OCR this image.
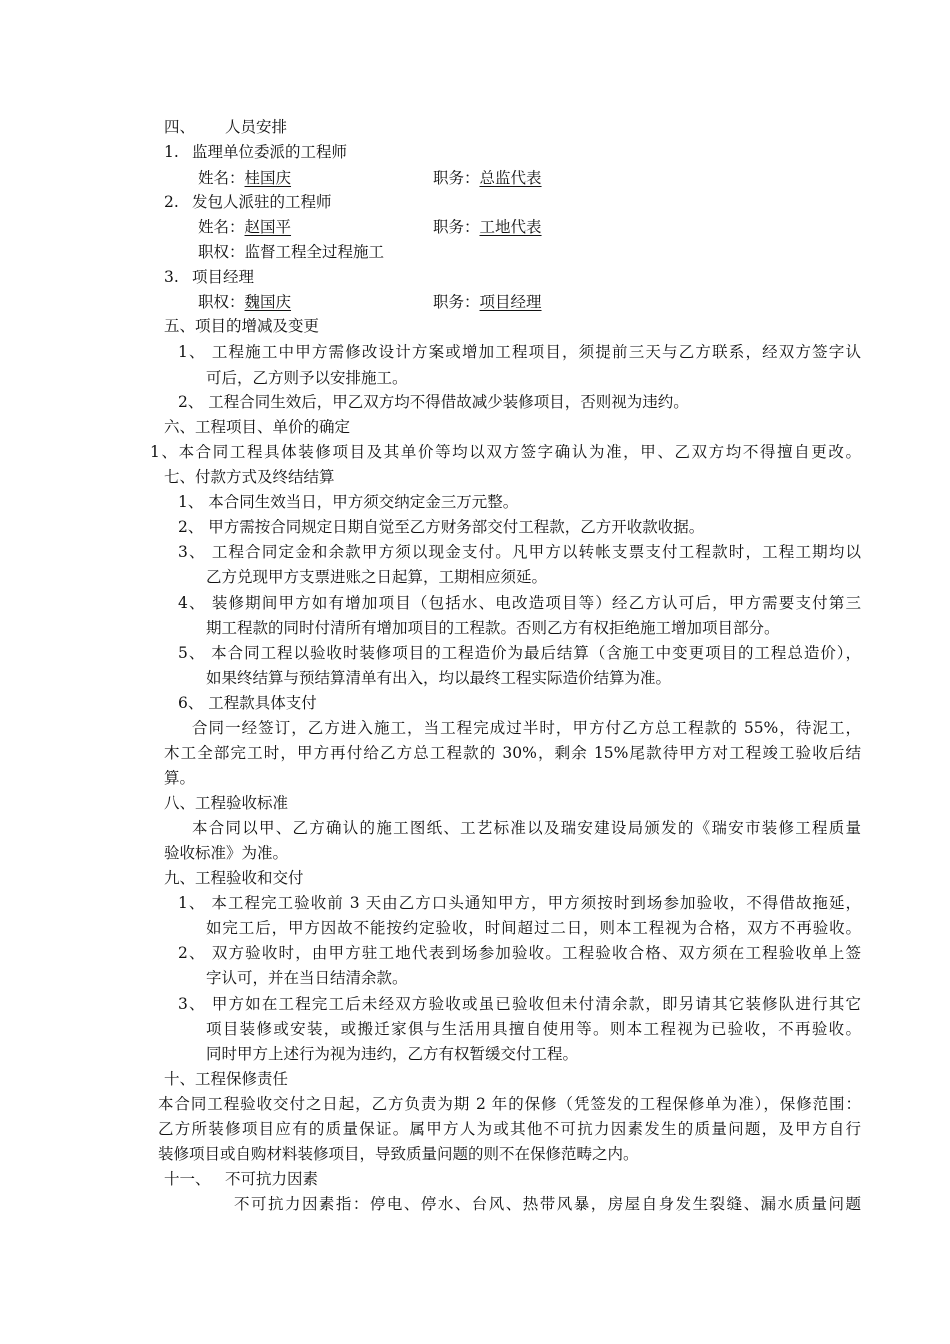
四、 人员安排
1. 监理单位委派的工程师
姓名：桂国庆	职务：总监代表
2. 发包人派驻的工程师
姓名：赵国平	职务：工地代表
职权：监督工程全过程施工
3. 项目经理
职权：魏国庆	职务：项目经理
五、项目的增减及变更
1、 工程施工中甲方需修改设计方案或增加工程项目，须提前三天与乙方联系，经双方签字认
可后，乙方则予以安排施工。
2、 工程合同生效后，甲乙双方均不得借故减少装修项目，否则视为违约。
六、工程项目、单价的确定
1、本合同工程具体装修项目及其单价等均以双方签字确认为准，甲、乙双方均不得擅自更改。
七、付款方式及终结结算
1、 本合同生效当日，甲方须交纳定金三万元整。
2、 甲方需按合同规定日期自觉至乙方财务部交付工程款，乙方开收款收据。
3、 工程合同定金和余款甲方须以现金支付。凡甲方以转帐支票支付工程款时，工程工期均以
乙方兑现甲方支票进账之日起算，工期相应须延。
4、 装修期间甲方如有增加项目（包括水、电改造项目等）经乙方认可后，甲方需要支付第三
期工程款的同时付清所有增加项目的工程款。否则乙方有权拒绝施工增加项目部分。
5、 本合同工程以验收时装修项目的工程造价为最后结算（含施工中变更项目的工程总造价），
如果终结算与预结算清单有出入，均以最终工程实际造价结算为准。
6、 工程款具体支付
合同一经签订，乙方进入施工，当工程完成过半时，甲方付乙方总工程款的 55%，待泥工，
木工全部完工时，甲方再付给乙方总工程款的 30%，剩余 15%尾款待甲方对工程竣工验收后结
算。
八、工程验收标准
本合同以甲、乙方确认的施工图纸、工艺标准以及瑞安建设局颁发的《瑞安市装修工程质量
验收标准》为准。
九、工程验收和交付
1、 本工程完工验收前 3 天由乙方口头通知甲方，甲方须按时到场参加验收，不得借故拖延，
如完工后，甲方因故不能按约定验收，时间超过二日，则本工程视为合格，双方不再验收。
2、 双方验收时，由甲方驻工地代表到场参加验收。工程验收合格、双方须在工程验收单上签
字认可，并在当日结清余款。
3、 甲方如在工程完工后未经双方验收或虽已验收但未付清余款，即另请其它装修队进行其它
项目装修或安装，或搬迁家俱与生活用具擅自使用等。则本工程视为已验收，不再验收。
同时甲方上述行为视为违约，乙方有权暂缓交付工程。
十、工程保修责任
本合同工程验收交付之日起，乙方负责为期 2 年的保修（凭签发的工程保修单为准），保修范围：
乙方所装修项目应有的质量保证。属甲方人为或其他不可抗力因素发生的质量问题，及甲方自行
装修项目或自购材料装修项目，导致质量问题的则不在保修范畴之内。
十一、 不可抗力因素
不可抗力因素指：停电、停水、台风、热带风暴，房屋自身发生裂缝、漏水质量问题
